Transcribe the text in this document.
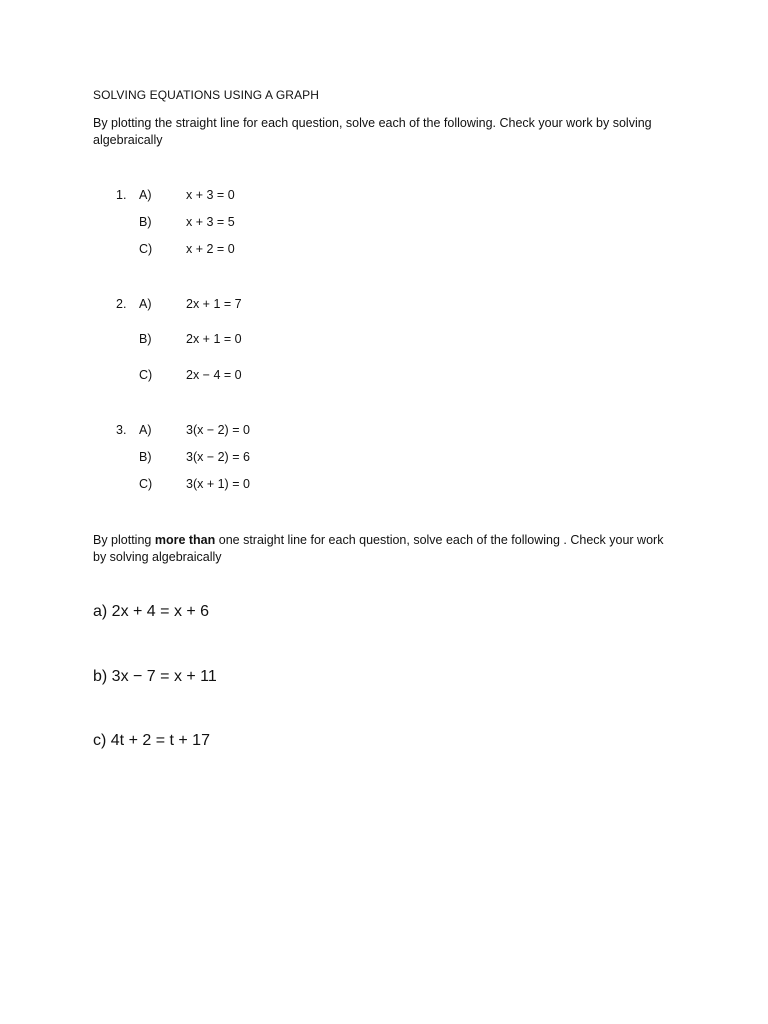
SOLVING EQUATIONS USING A GRAPH
By plotting the straight line for each question, solve each of the following. Check your work by solving algebraically
1. A)	x + 3 = 0
B)	x + 3 = 5
C)	x + 2 = 0
2. A)	2x + 1 = 7
B)	2x + 1 = 0
C)	2x − 4 = 0
3. A)	3(x − 2) = 0
B)	3(x − 2) = 6
C)	3(x + 1) = 0
By plotting more than one straight line for each question, solve each of the following . Check your work by solving algebraically
a) 2x + 4 = x + 6
b) 3x − 7 = x + 11
c) 4t + 2 = t + 17
